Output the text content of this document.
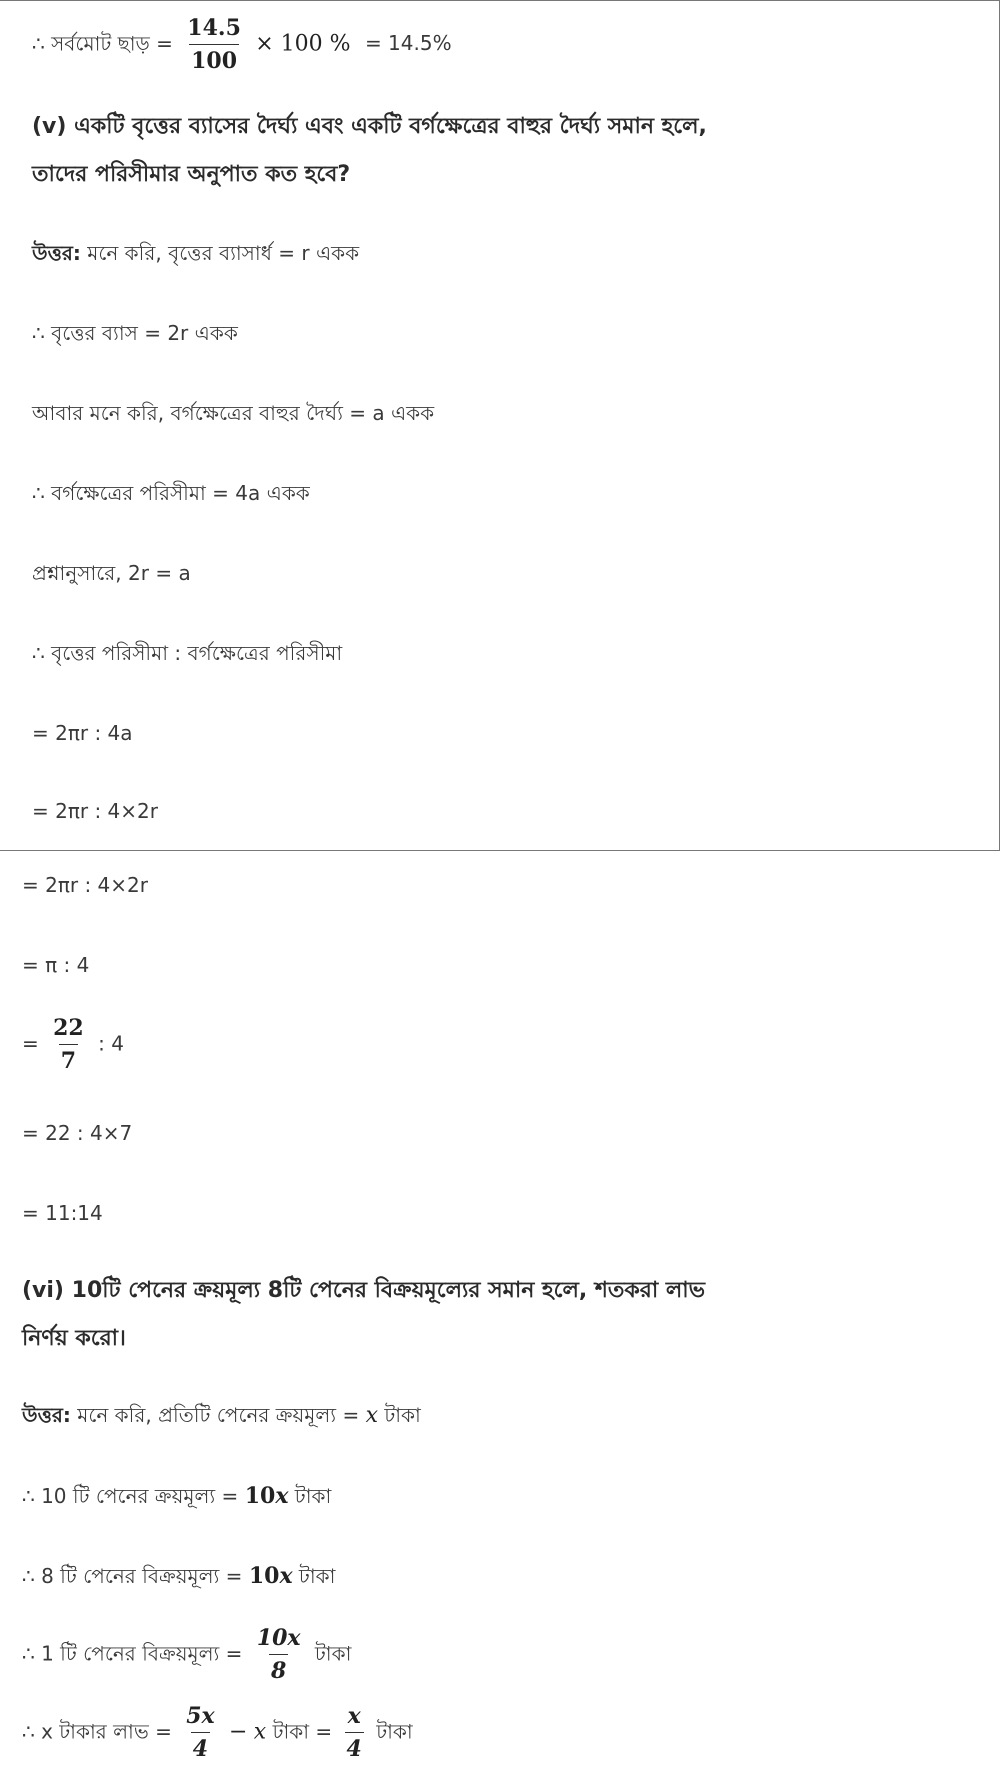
∴ সর্বমোট ছাড় = $\frac{14.5}{100} \times 100$ % = 14.5%
(v) একটি বৃত্তের ব্যাসের দৈর্ঘ্য এবং একটি বর্গক্ষেত্রের বাহুর দৈর্ঘ্য সমান হলে,
তাদের পরিসীমার অনুপাত কত হবে?
উত্তর: মনে করি, বৃত্তের ব্যাসার্ধ = r একক
∴ বৃত্তের ব্যাস = 2r একক
আবার মনে করি, বর্গক্ষেত্রের বাহুর দৈর্ঘ্য = a একক
∴ বর্গক্ষেত্রের পরিসীমা = 4a একক
প্রশ্নানুসারে, 2r = a
∴ বৃত্তের পরিসীমা : বর্গক্ষেত্রের পরিসীমা
= 2πr : 4a
= 2πr : 4×2r
= 2πr : 4×2r
= π : 4
= $\frac{22}{7}$ : 4
= 22 : 4×7
= 11:14
(vi) 10টি পেনের ক্রয়মূল্য 8টি পেনের বিক্রয়মূল্যের সমান হলে, শতকরা লাভ
নির্ণয় করো।
উত্তর: মনে করি, প্রতিটি পেনের ক্রয়মূল্য = x টাকা
∴ 10 টি পেনের ক্রয়মূল্য = 10x টাকা
∴ 8 টি পেনের বিক্রয়মূল্য = 10x টাকা
∴ 1 টি পেনের বিক্রয়মূল্য = $\frac{10x}{8}$ টাকা
∴ x টাকার লাভ = $\frac{5x}{4} - x$ টাকা = $\frac{x}{4}$ টাকা
